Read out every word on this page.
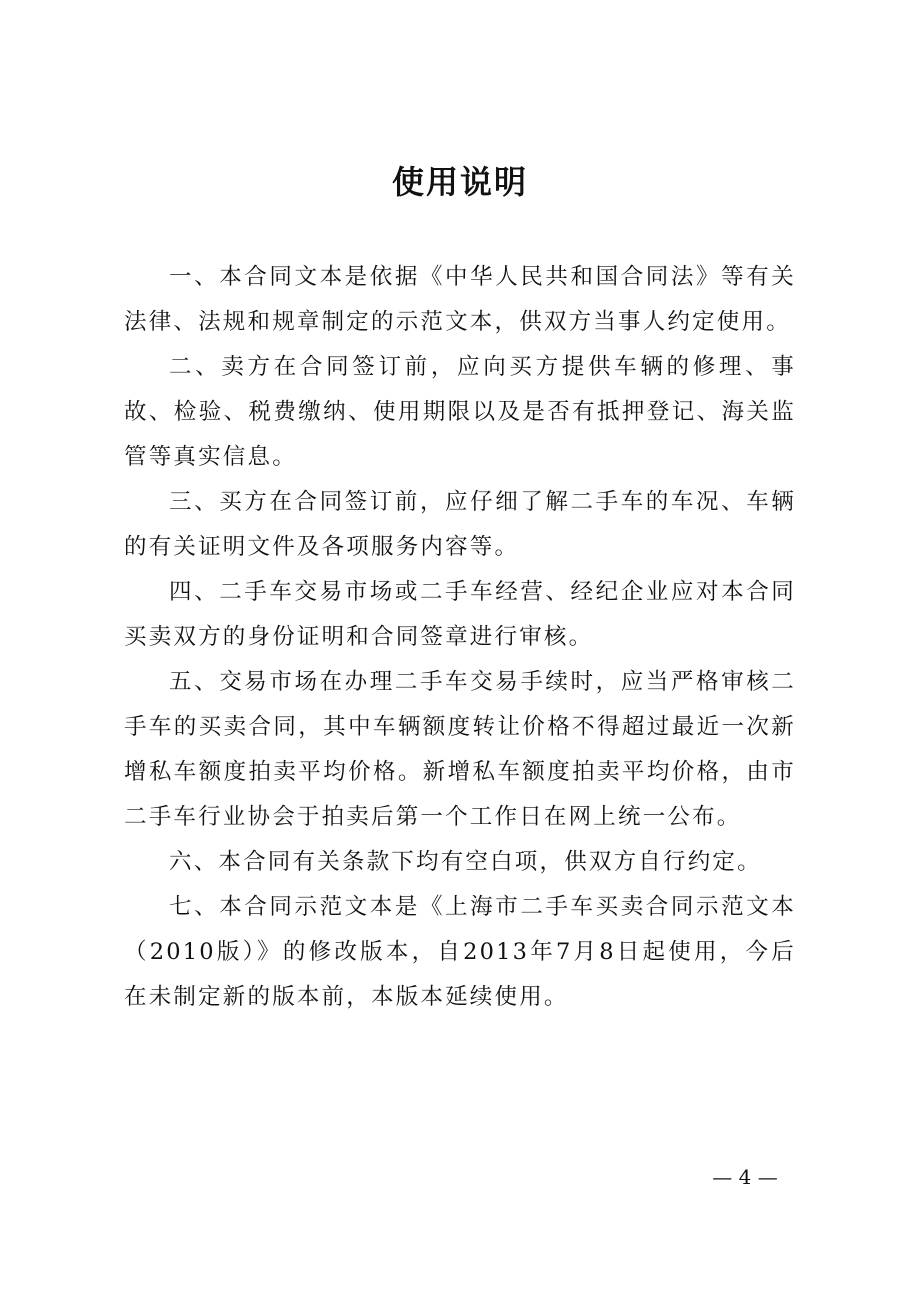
使用说明

一、本合同文本是依据《中华人民共和国合同法》等有关法律、法规和规章制定的示范文本，供双方当事人约定使用。

二、卖方在合同签订前，应向买方提供车辆的修理、事故、检验、税费缴纳、使用期限以及是否有抵押登记、海关监管等真实信息。

三、买方在合同签订前，应仔细了解二手车的车况、车辆的有关证明文件及各项服务内容等。

四、二手车交易市场或二手车经营、经纪企业应对本合同买卖双方的身份证明和合同签章进行审核。

五、交易市场在办理二手车交易手续时，应当严格审核二手车的买卖合同，其中车辆额度转让价格不得超过最近一次新增私车额度拍卖平均价格。新增私车额度拍卖平均价格，由市二手车行业协会于拍卖后第一个工作日在网上统一公布。

六、本合同有关条款下均有空白项，供双方自行约定。

七、本合同示范文本是《上海市二手车买卖合同示范文本（2010版）》的修改版本，自2013年7月8日起使用，今后在未制定新的版本前，本版本延续使用。

— 4 —
